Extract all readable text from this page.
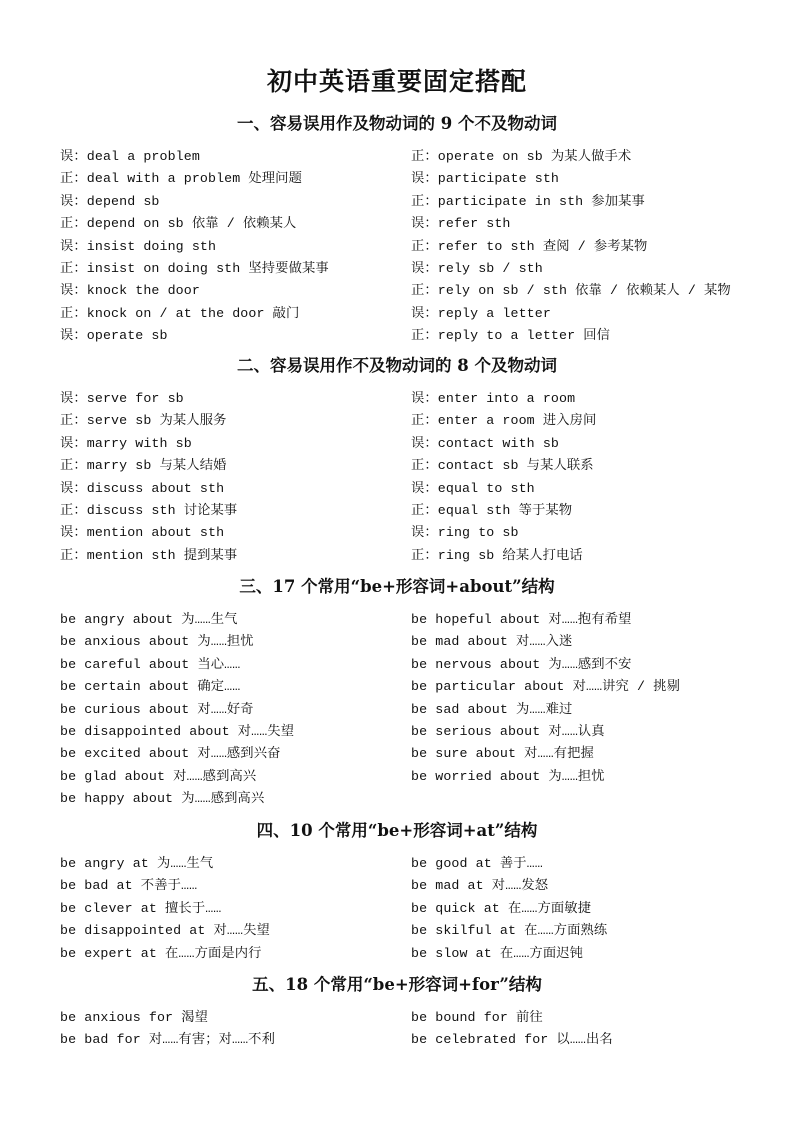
初中英语重要固定搭配
一、容易误用作及物动词的 9 个不及物动词
误：deal a problem
正：deal with a problem 处理问题
误：depend sb
正：depend on sb 依靠 / 依赖某人
误：insist doing sth
正：insist on doing sth 坚持要做某事
误：knock the door
正：knock on / at the door 敲门
误：operate sb
正：operate on sb 为某人做手术
误：participate sth
正：participate in sth 参加某事
误：refer sth
正：refer to sth 查阅 / 参考某物
误：rely sb / sth
正：rely on sb / sth 依靠 / 依赖某人 / 某物
误：reply a letter
正：reply to a letter 回信
二、容易误用作不及物动词的 8 个及物动词
误：serve for sb
正：serve sb 为某人服务
误：marry with sb
正：marry sb 与某人结婚
误：discuss about sth
正：discuss sth 讨论某事
误：mention about sth
正：mention sth 提到某事
误：enter into a room
正：enter a room 进入房间
误：contact with sb
正：contact sb 与某人联系
误：equal to sth
正：equal sth 等于某物
误：ring to sb
正：ring sb 给某人打电话
三、17 个常用“be+形容词+about”结构
be angry about 为……生气
be anxious about 为……担忧
be careful about 当心……
be certain about 确定……
be curious about 对……好奇
be disappointed about 对……失望
be excited about 对……感到兴奋
be glad about 对……感到高兴
be happy about 为……感到高兴
be hopeful about 对……抱有希望
be mad about 对……入迷
be nervous about 为……感到不安
be particular about 对……讲究 / 挑剔
be sad about 为……难过
be serious about 对……认真
be sure about 对……有把握
be worried about 为……担忧
四、10 个常用“be+形容词+at”结构
be angry at 为……生气
be bad at 不善于……
be clever at 擅长于……
be disappointed at 对……失望
be expert at 在……方面是内行
be good at 善于……
be mad at 对……发怒
be quick at 在……方面敏捷
be skilful at 在……方面熟练
be slow at 在……方面迟钝
五、18 个常用“be+形容词+for”结构
be anxious for 渴望
be bad for 对……有害；对……不利
be bound for 前往
be celebrated for 以……出名
